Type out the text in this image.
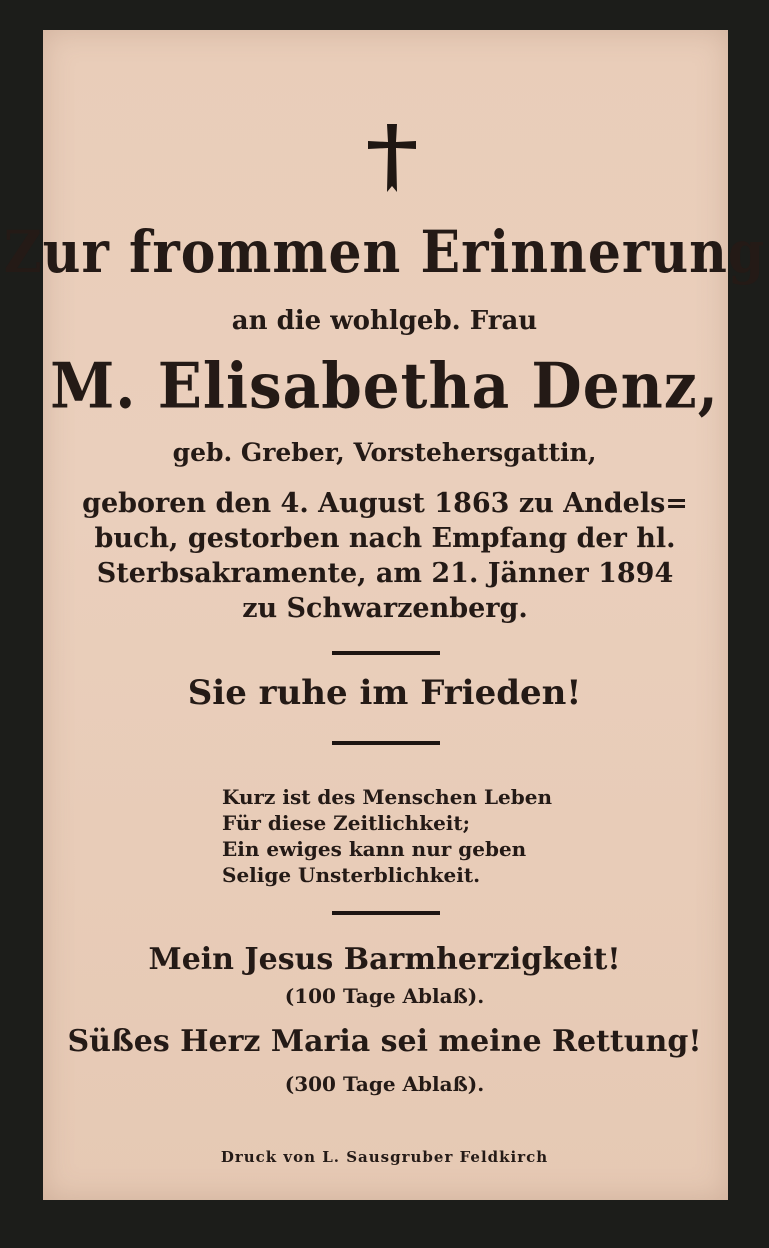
Zur frommen Erinnerung
an die wohlgeb. Frau
M. Elisabetha Denz,
geb. Greber, Vorstehersgattin,
geboren den 4. August 1863 zu Andels=
buch, gestorben nach Empfang der hl.
Sterbsakramente, am 21. Jänner 1894
zu Schwarzenberg.
Sie ruhe im Frieden!
Kurz ist des Menschen Leben
Für diese Zeitlichkeit;
Ein ewiges kann nur geben
Selige Unsterblichkeit.
Mein Jesus Barmherzigkeit!
(100 Tage Ablaß).
Süßes Herz Maria sei meine Rettung!
(300 Tage Ablaß).
Druck von L. Sausgruber Feldkirch
